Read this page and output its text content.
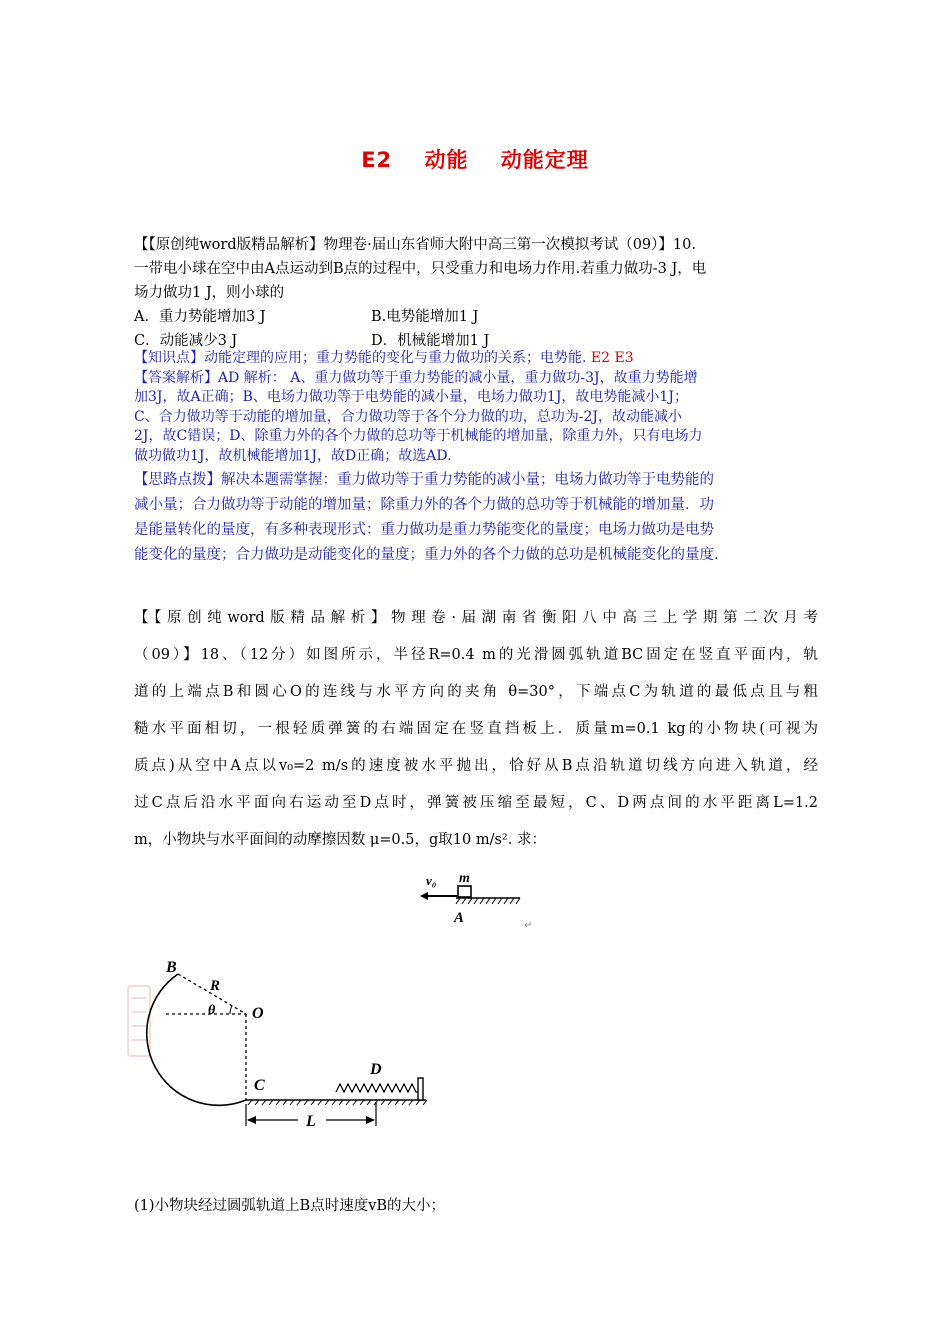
E2 动能 动能定理
【【原创纯word版精品解析】物理卷·届山东省师大附中高三第一次模拟考试（09）】10.
一带电小球在空中由A点运动到B点的过程中，只受重力和电场力作用.若重力做功-3 J，电
场力做功1 J，则小球的
A．重力势能增加3 J	B.电势能增加1 J
C．动能减少3 J	D．机械能增加1 J
【知识点】动能定理的应用；重力势能的变化与重力做功的关系；电势能. E2 E3
【答案解析】AD 解析： A、重力做功等于重力势能的减小量，重力做功-3J，故重力势能增
加3J，故A正确；B、电场力做功等于电势能的减小量，电场力做功1J，故电势能减小1J；
C、合力做功等于动能的增加量，合力做功等于各个分力做的功，总功为-2J，故动能减小
2J，故C错误；D、除重力外的各个力做的总功等于机械能的增加量，除重力外，只有电场力
做功做功1J，故机械能增加1J，故D正确；故选AD.
【思路点拨】解决本题需掌握：重力做功等于重力势能的减小量；电场力做功等于电势能的
减小量；合力做功等于动能的增加量；除重力外的各个力做的总功等于机械能的增加量．功
是能量转化的量度，有多种表现形式：重力做功是重力势能变化的量度；电场力做功是电势
能变化的量度；合力做功是动能变化的量度；重力外的各个力做的总功是机械能变化的量度.
【【原创纯word版精品解析】物理卷·届湖南省衡阳八中高三上学期第二次月考
（09）】18、（12分）如图所示，半径R=0.4 m的光滑圆弧轨道BC固定在竖直平面内，轨
道的上端点B和圆心O的连线与水平方向的夹角 θ=30°，下端点C为轨道的最低点且与粗
糙水平面相切，一根轻质弹簧的右端固定在竖直挡板上．质量m=0.1 kg的小物块(可视为
质点)从空中A点以v₀=2 m/s的速度被水平抛出，恰好从B点沿轨道切线方向进入轨道，经
过C点后沿水平面向右运动至D点时，弹簧被压缩至最短，C、D两点间的水平距离L=1.2
m，小物块与水平面间的动摩擦因数 μ=0.5，g取10 m/s². 求：
v₀ m
A	↵
B
R
θ O
C
D
L
(1)小物块经过圆弧轨道上B点时速度vB的大小；
